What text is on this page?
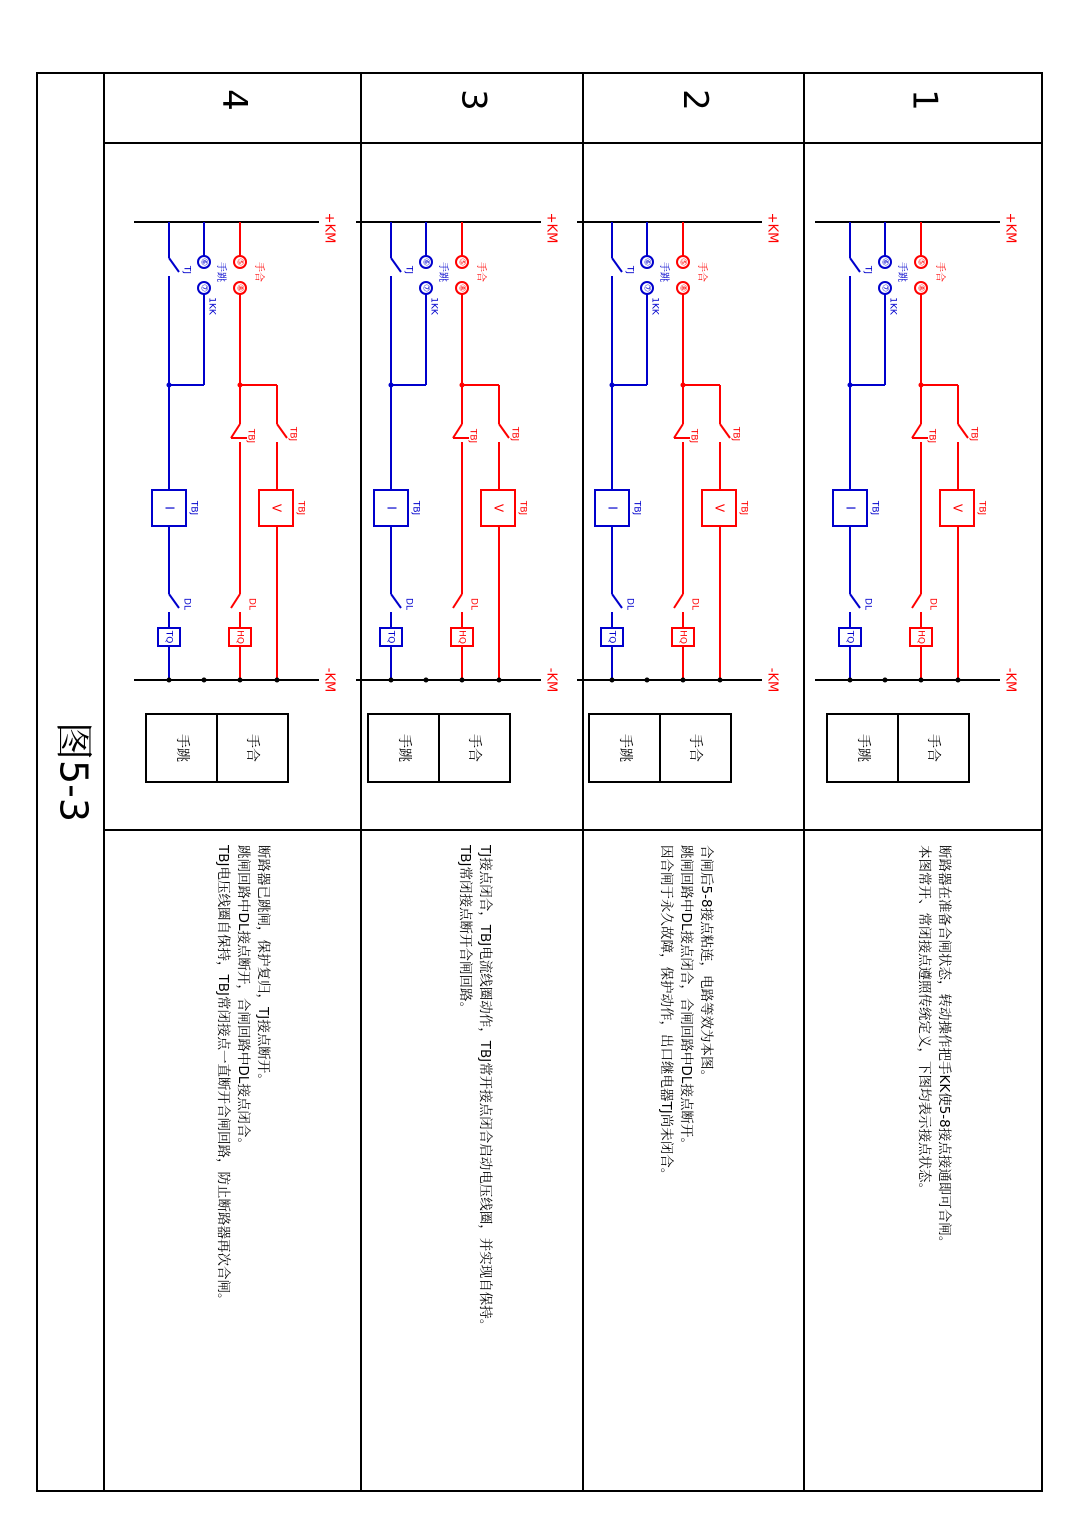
图5-3
1
+KM
-KM
⑤
⑧
手合
TBJ
V TBJ
TBJ
DL
HQ
⑥
⑦
手跳
1KK
TJ
I TBJ
DL
TQ
手合
手跳
断路器在准备合闸状态，转动操作把手KK使5-8接点接通即可合闸。
本图常开、常闭接点遵照传统定义，下图均表示接点状态。
2
+KM
-KM
⑤
⑧
手合
TBJ
V TBJ
TBJ
DL
HQ
⑥
⑦
手跳
1KK
TJ
I TBJ
DL
TQ
手合
手跳
合闸后5-8接点粘连，电路等效为本图。
跳闸回路中DL接点闭合，合闸回路中DL接点断开。
因合闸于永久故障，保护动作，出口继电器TJ尚未闭合。
3
+KM
-KM
⑤
⑧
手合
TBJ
V TBJ
TBJ
DL
HQ
⑥
⑦
手跳
1KK
TJ
I TBJ
DL
TQ
手合
手跳
TJ接点闭合，TBJ电流线圈动作，TBJ常开接点闭合启动电压线圈，并实现自保持。
TBJ常闭接点断开合闸回路。
4
+KM
-KM
⑤
⑧
手合
TBJ
V TBJ
TBJ
DL
HQ
⑥
⑦
手跳
1KK
TJ
I TBJ
DL
TQ
手合
手跳
断路器已跳闸，保护复归，TJ接点断开。
跳闸回路中DL接点断开，合闸回路中DL接点闭合。
TBJ电压线圈自保持，TBJ常闭接点一直断开合闸回路，防止断路器再次合闸。
